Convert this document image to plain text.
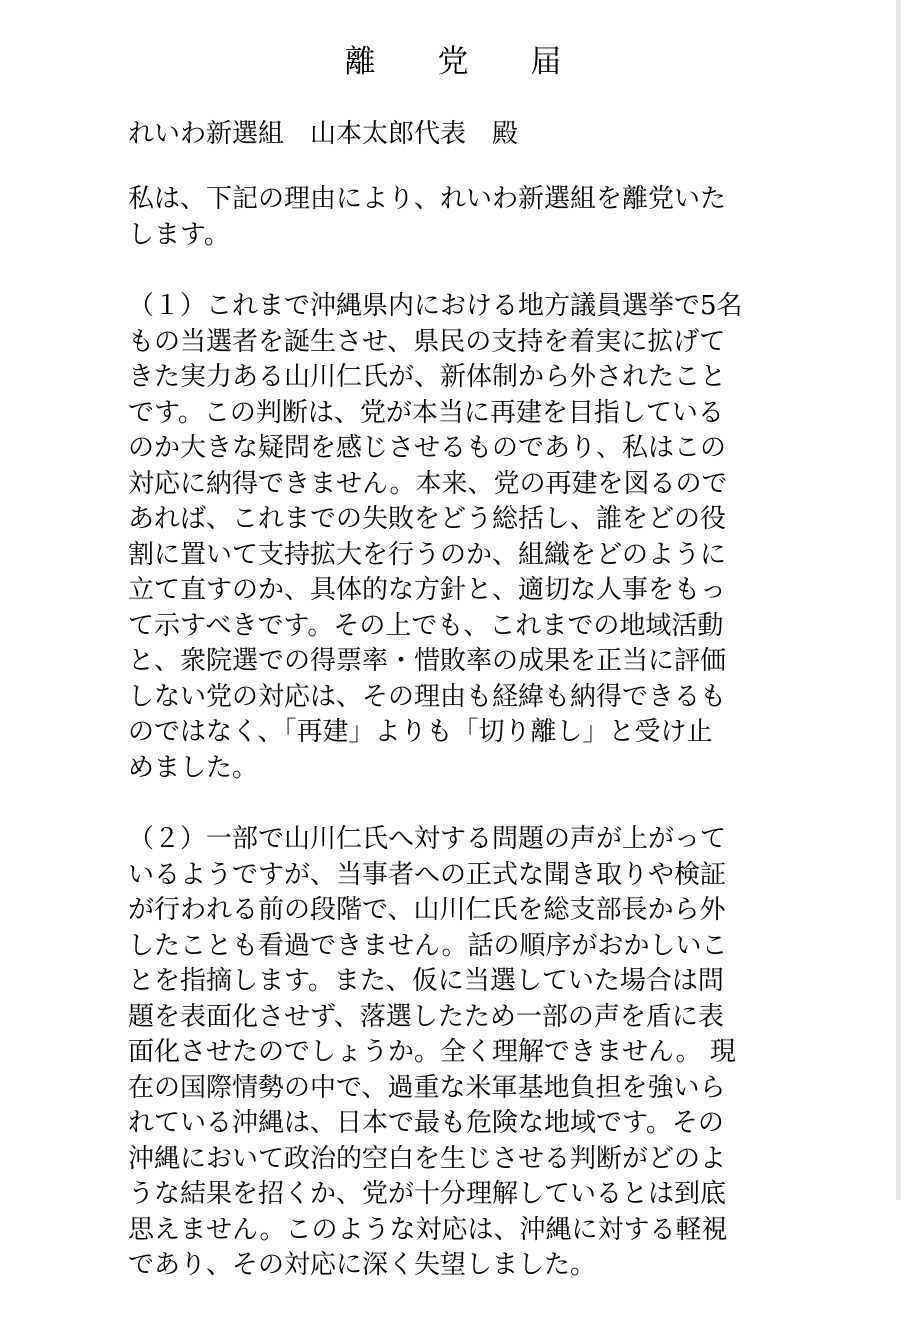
離 党 届
れいわ新選組　山本太郎代表　殿
私は、下記の理由により、れいわ新選組を離党いた
します。
（１）これまで沖縄県内における地方議員選挙で5名
もの当選者を誕生させ、県民の支持を着実に拡げて
きた実力ある山川仁氏が、新体制から外されたこと
です。この判断は、党が本当に再建を目指している
のか大きな疑問を感じさせるものであり、私はこの
対応に納得できません。本来、党の再建を図るので
あれば、これまでの失敗をどう総括し、誰をどの役
割に置いて支持拡大を行うのか、組織をどのように
立て直すのか、具体的な方針と、適切な人事をもっ
て示すべきです。その上でも、これまでの地域活動
と、衆院選での得票率・惜敗率の成果を正当に評価
しない党の対応は、その理由も経緯も納得できるも
のではなく、「再建」よりも「切り離し」と受け止
めました。
（２）一部で山川仁氏へ対する問題の声が上がって
いるようですが、当事者への正式な聞き取りや検証
が行われる前の段階で、山川仁氏を総支部長から外
したことも看過できません。話の順序がおかしいこ
とを指摘します。また、仮に当選していた場合は問
題を表面化させず、落選したため一部の声を盾に表
面化させたのでしょうか。全く理解できません。 現
在の国際情勢の中で、過重な米軍基地負担を強いら
れている沖縄は、日本で最も危険な地域です。その
沖縄において政治的空白を生じさせる判断がどのよ
うな結果を招くか、党が十分理解しているとは到底
思えません。このような対応は、沖縄に対する軽視
であり、その対応に深く失望しました。
